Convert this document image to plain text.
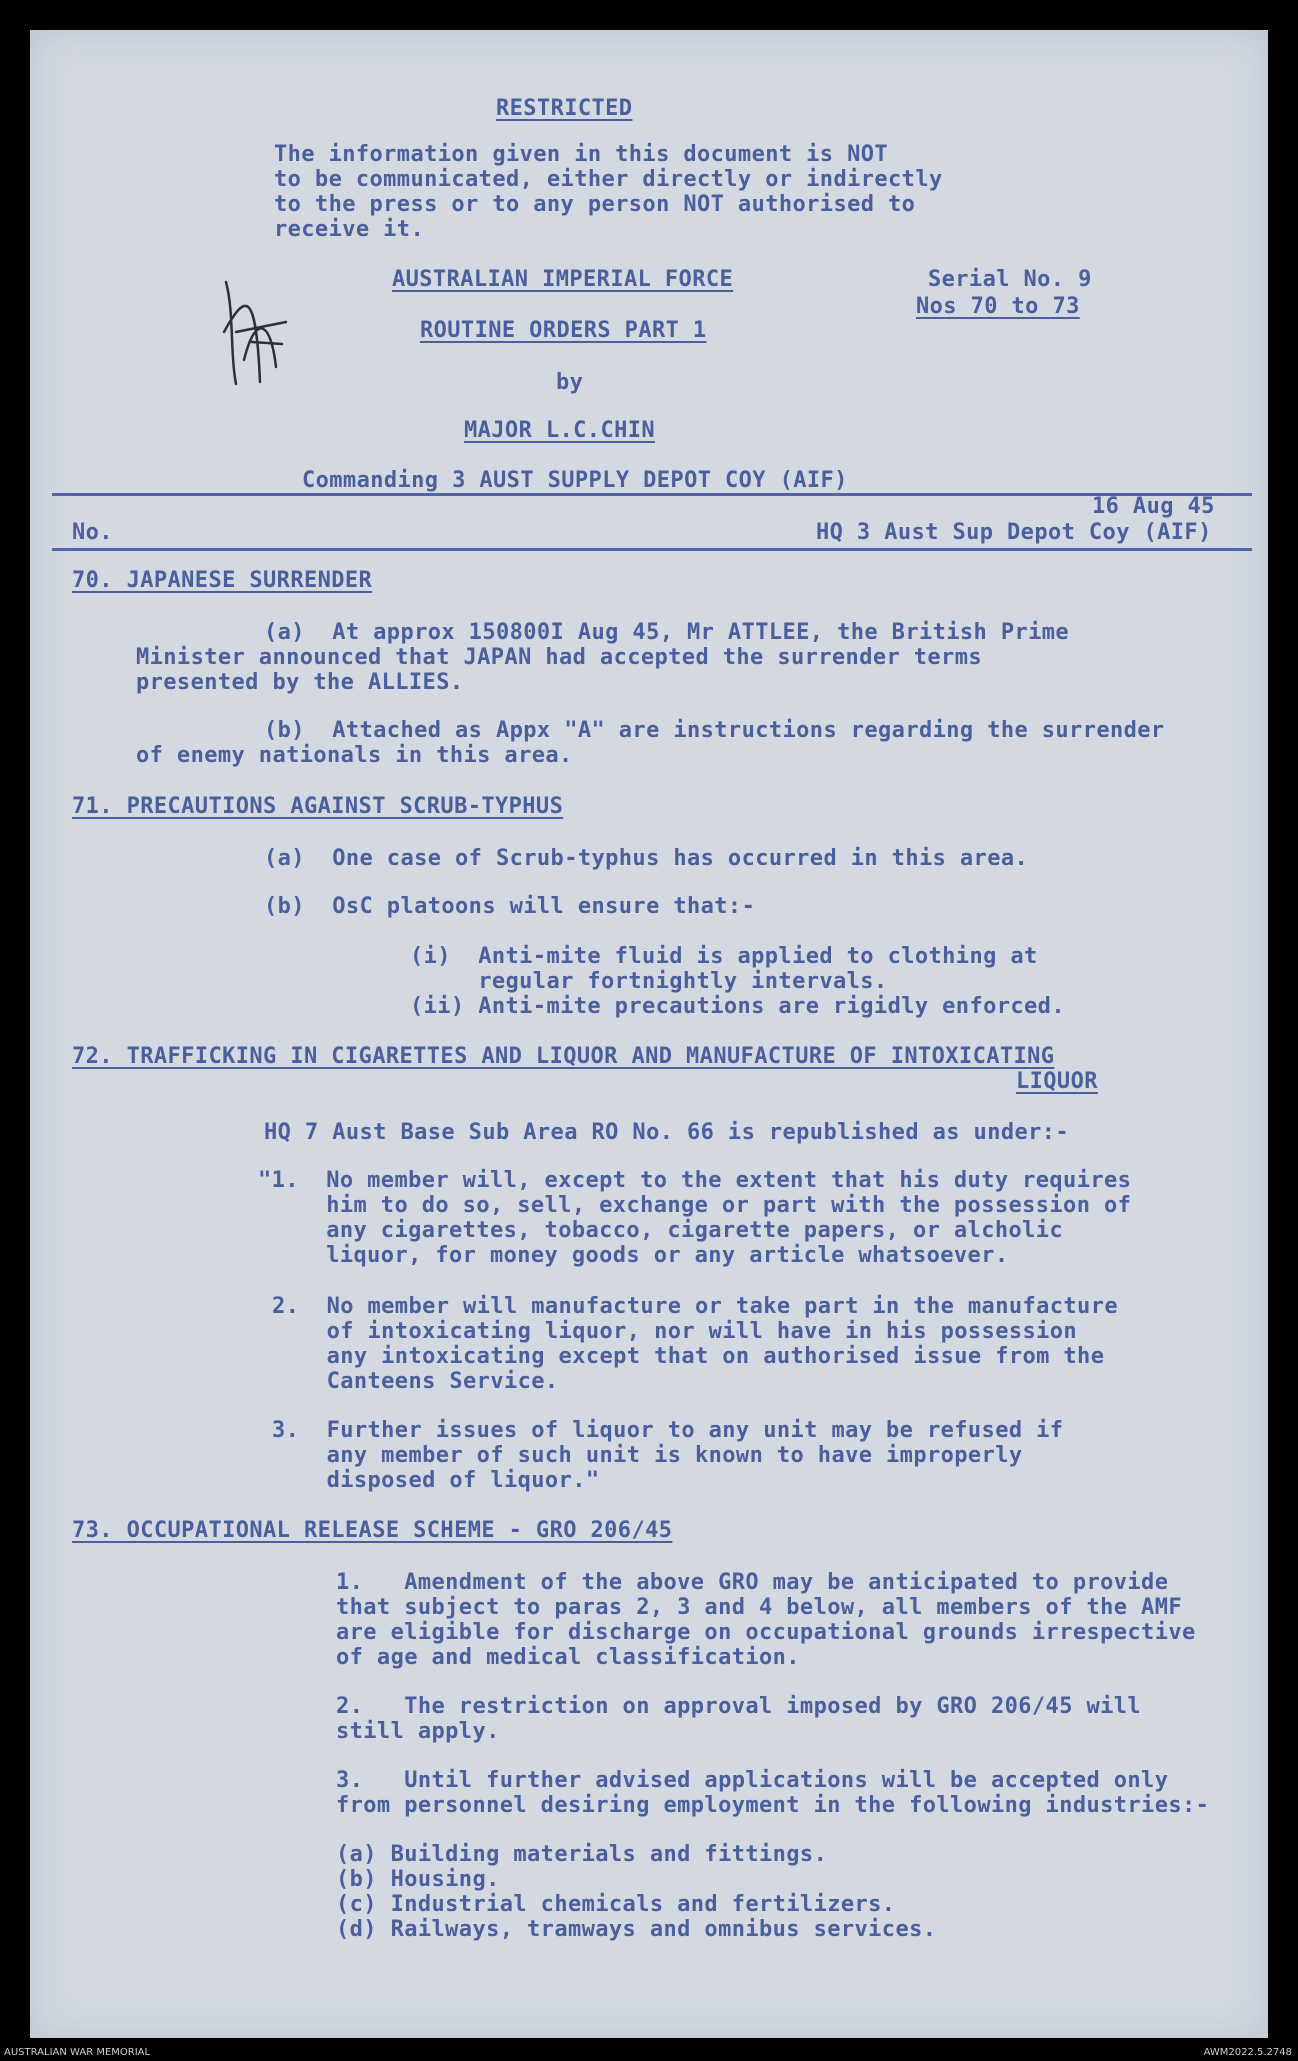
RESTRICTED
The information given in this document is NOT
to be communicated, either directly or indirectly
to the press or to any person NOT authorised to
receive it.
AUSTRALIAN IMPERIAL FORCE	Serial No. 9
Nos 70 to 73
ROUTINE ORDERS PART 1
by
MAJOR L.C.CHIN
Commanding 3 AUST SUPPLY DEPOT COY (AIF)
16 Aug 45
No.	HQ 3 Aust Sup Depot Coy (AIF)
70. JAPANESE SURRENDER
(a)  At approx 150800I Aug 45, Mr ATTLEE, the British Prime
Minister announced that JAPAN had accepted the surrender terms
presented by the ALLIES.
(b)  Attached as Appx "A" are instructions regarding the surrender
of enemy nationals in this area.
71. PRECAUTIONS AGAINST SCRUB-TYPHUS
(a)  One case of Scrub-typhus has occurred in this area.
(b)  OsC platoons will ensure that:-
(i)  Anti-mite fluid is applied to clothing at
regular fortnightly intervals.
(ii) Anti-mite precautions are rigidly enforced.
72. TRAFFICKING IN CIGARETTES AND LIQUOR AND MANUFACTURE OF INTOXICATING
LIQUOR
HQ 7 Aust Base Sub Area RO No. 66 is republished as under:-
"1.  No member will, except to the extent that his duty requires
him to do so, sell, exchange or part with the possession of
any cigarettes, tobacco, cigarette papers, or alcholic
liquor, for money goods or any article whatsoever.
2.  No member will manufacture or take part in the manufacture
of intoxicating liquor, nor will have in his possession
any intoxicating except that on authorised issue from the
Canteens Service.
3.  Further issues of liquor to any unit may be refused if
any member of such unit is known to have improperly
disposed of liquor."
73. OCCUPATIONAL RELEASE SCHEME - GRO 206/45
1.   Amendment of the above GRO may be anticipated to provide
that subject to paras 2, 3 and 4 below, all members of the AMF
are eligible for discharge on occupational grounds irrespective
of age and medical classification.
2.   The restriction on approval imposed by GRO 206/45 will
still apply.
3.   Until further advised applications will be accepted only
from personnel desiring employment in the following industries:-
(a) Building materials and fittings.
(b) Housing.
(c) Industrial chemicals and fertilizers.
(d) Railways, tramways and omnibus services.
AUSTRALIAN WAR MEMORIAL	AWM2022.5.2748
